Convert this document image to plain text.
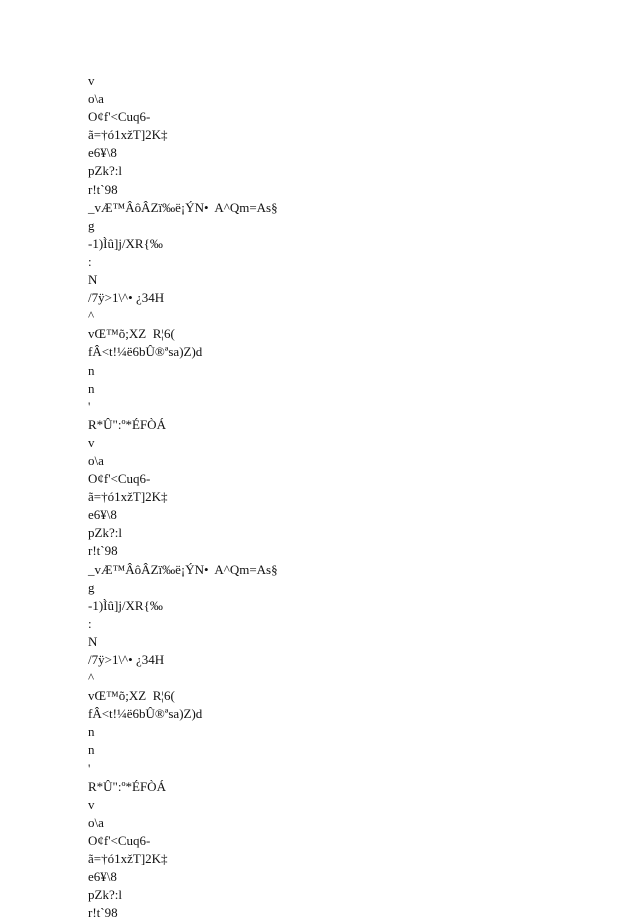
v
o\a
O¢f'<Cuq6-
ã=†ó1xžT]2K‡
e6¥\8
pZk?:l
r!t`98
_vÆ™ÂôÂZï‰ë¡ÝN•  A^Qm=As§
g
-1)Ìû]j/XR{‰
:
N
/7ÿ>1\^• ¿34H
^
vŒ™õ;XZ  R¦6(
fÂ<t!¼ë6bÛ®ªsa)Z)d
n
n
'
R*Û":º*ÉFÒÁ
v
o\a
O¢f'<Cuq6-
ã=†ó1xžT]2K‡
e6¥\8
pZk?:l
r!t`98
_vÆ™ÂôÂZï‰ë¡ÝN•  A^Qm=As§
g
-1)Ìû]j/XR{‰
:
N
/7ÿ>1\^• ¿34H
^
vŒ™õ;XZ  R¦6(
fÂ<t!¼ë6bÛ®ªsa)Z)d
n
n
'
R*Û":º*ÉFÒÁ
v
o\a
O¢f'<Cuq6-
ã=†ó1xžT]2K‡
e6¥\8
pZk?:l
r!t`98
